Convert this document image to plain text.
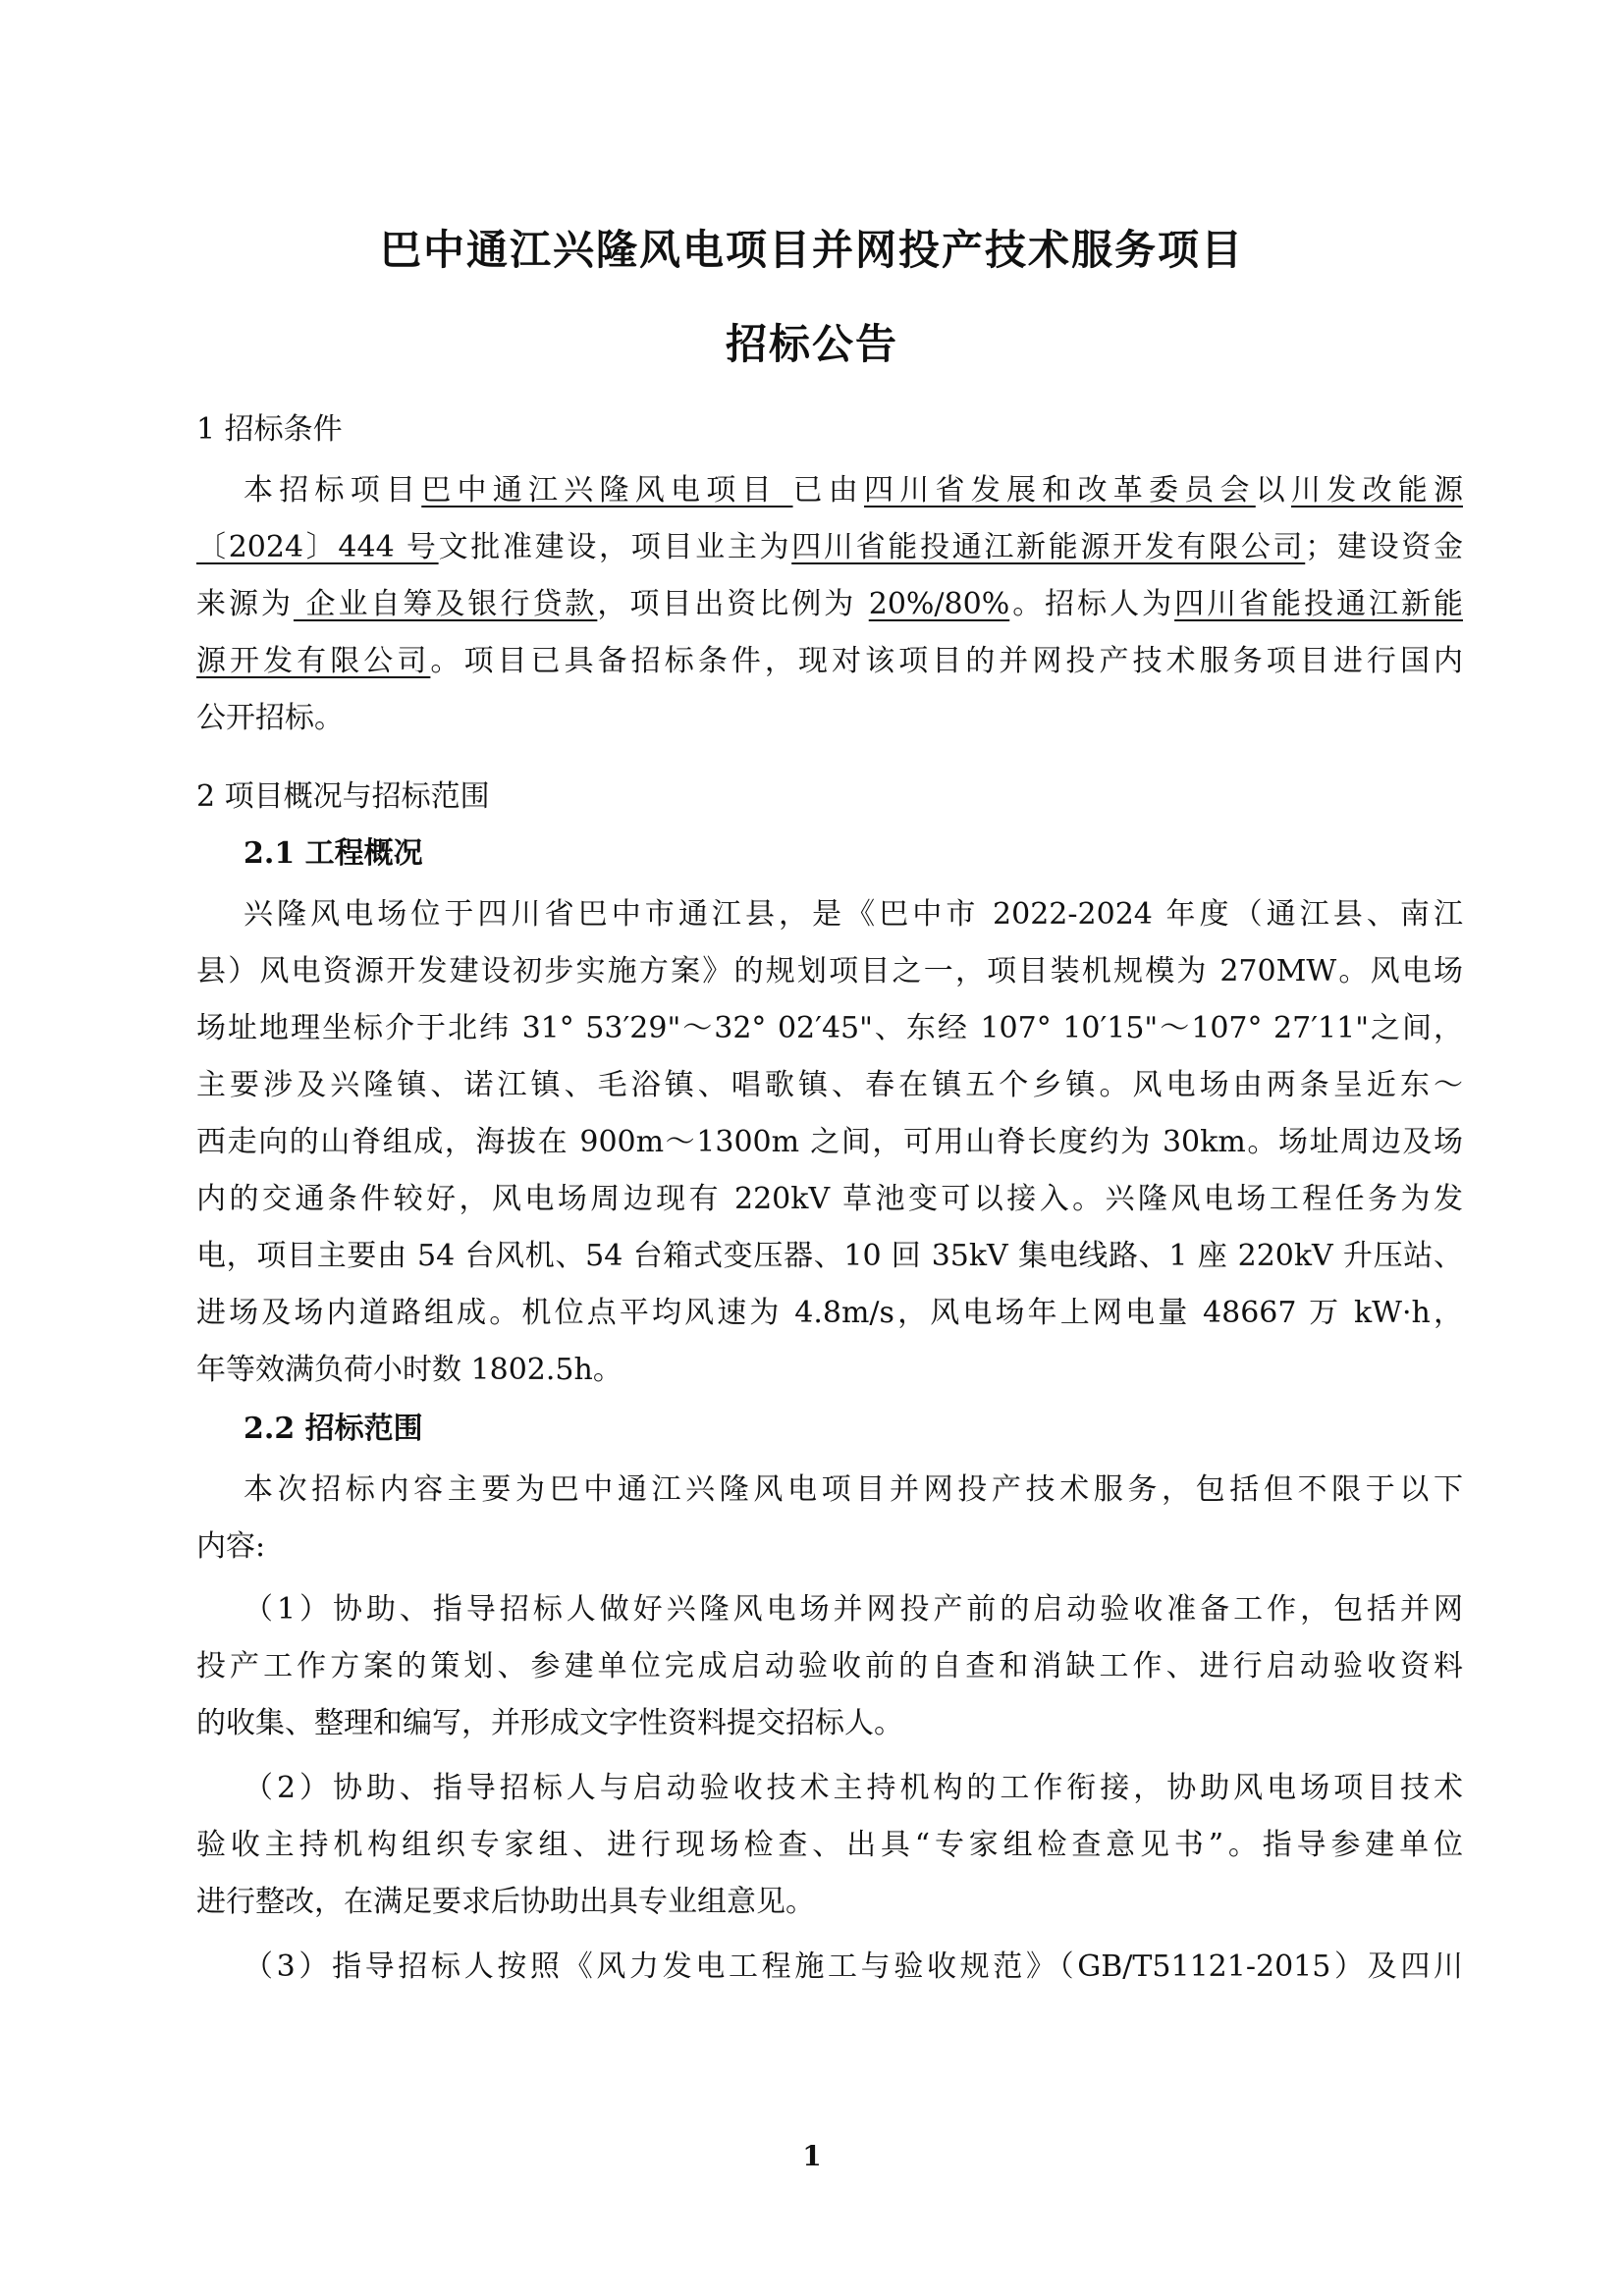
巴中通江兴隆风电项目并网投产技术服务项目
招标公告
1 招标条件
本招标项目巴中通江兴隆风电项目 已由四川省发展和改革委员会以川发改能源
〔2024〕444 号文批准建设，项目业主为四川省能投通江新能源开发有限公司；建设资金
来源为 企业自筹及银行贷款，项目出资比例为 20%/80%。招标人为四川省能投通江新能
源开发有限公司。项目已具备招标条件，现对该项目的并网投产技术服务项目进行国内
公开招标。
2 项目概况与招标范围
2.1 工程概况
兴隆风电场位于四川省巴中市通江县，是《巴中市 2022-2024 年度（通江县、南江
县）风电资源开发建设初步实施方案》的规划项目之一，项目装机规模为 270MW。风电场
场址地理坐标介于北纬 31° 53′29"～32° 02′45"、东经 107° 10′15"～107° 27′11"之间，
主要涉及兴隆镇、诺江镇、毛浴镇、唱歌镇、春在镇五个乡镇。风电场由两条呈近东～
西走向的山脊组成，海拔在 900m～1300m 之间，可用山脊长度约为 30km。场址周边及场
内的交通条件较好，风电场周边现有 220kV 草池变可以接入。兴隆风电场工程任务为发
电，项目主要由 54 台风机、54 台箱式变压器、10 回 35kV 集电线路、1 座 220kV 升压站、
进场及场内道路组成。机位点平均风速为 4.8m/s，风电场年上网电量 48667 万 kW·h，
年等效满负荷小时数 1802.5h。
2.2 招标范围
本次招标内容主要为巴中通江兴隆风电项目并网投产技术服务，包括但不限于以下
内容:
（1）协助、指导招标人做好兴隆风电场并网投产前的启动验收准备工作，包括并网
投产工作方案的策划、参建单位完成启动验收前的自查和消缺工作、进行启动验收资料
的收集、整理和编写，并形成文字性资料提交招标人。
（2）协助、指导招标人与启动验收技术主持机构的工作衔接，协助风电场项目技术
验收主持机构组织专家组、进行现场检查、出具“专家组检查意见书”。指导参建单位
进行整改，在满足要求后协助出具专业组意见。
（3）指导招标人按照《风力发电工程施工与验收规范》（GB/T51121-2015）及四川
1
